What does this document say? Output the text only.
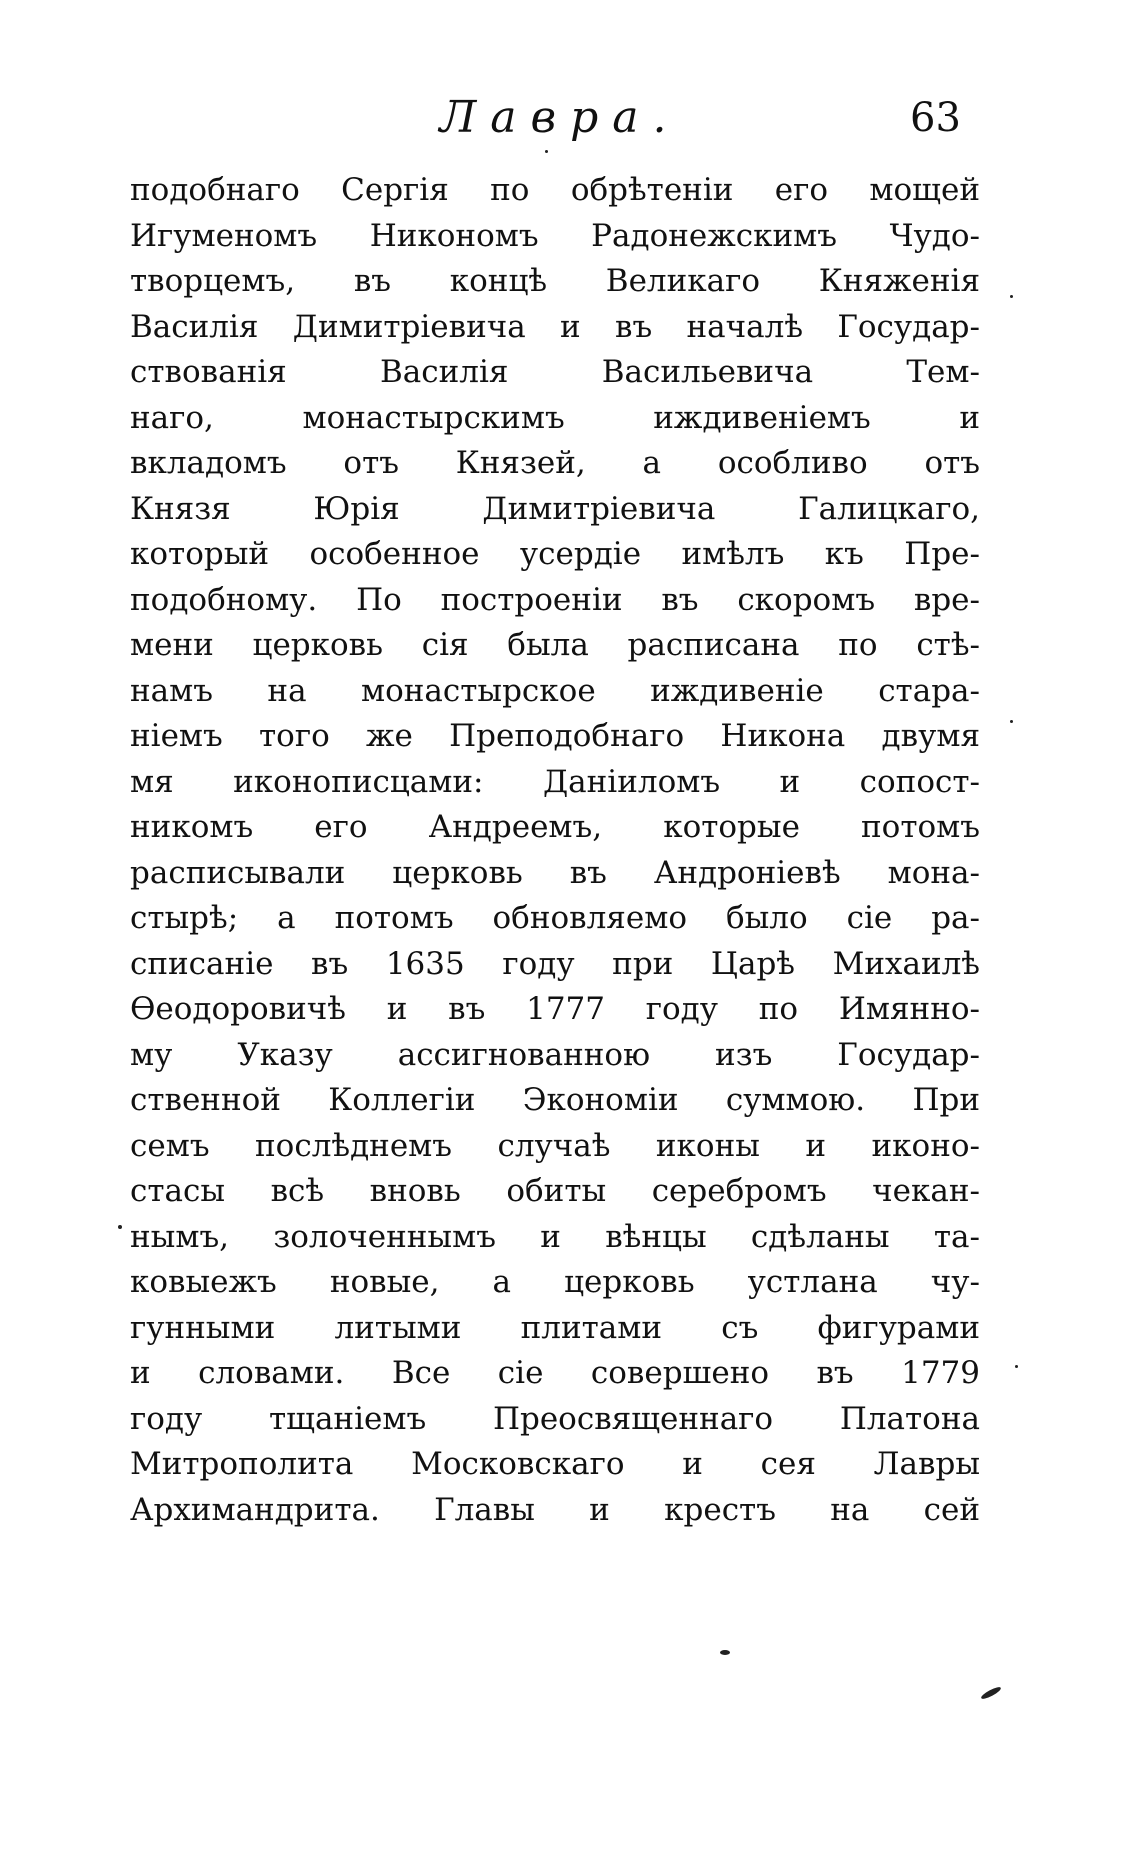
Лавра.	63
подобнаго Сергія по обрѣтеніи его мощей
Игуменомъ Никономъ Радонежскимъ Чудо-
творцемъ, въ концѣ Великаго Княженія
Василія Димитріевича и въ началѣ Государ-
ствованія Василія Васильевича Тем-
наго, монастырскимъ иждивеніемъ и
вкладомъ отъ Князей, а особливо отъ
Князя Юрія Димитріевича Галицкаго,
который особенное усердіе имѣлъ къ Пре-
подобному. По построеніи въ скоромъ вре-
мени церковь сія была расписана по стѣ-
намъ на монастырское иждивеніе стара-
ніемъ того же Преподобнаго Никона двумя
мя иконописцами: Даніиломъ и сопост-
никомъ его Андреемъ, которые потомъ
расписывали церковь въ Андроніевѣ мона-
стырѣ; а потомъ обновляемо было сіе ра-
списаніе въ 1635 году при Царѣ Михаилѣ
Ѳеодоровичѣ и въ 1777 году по Имянно-
му Указу ассигнованною изъ Государ-
ственной Коллегіи Экономіи суммою. При
семъ послѣднемъ случаѣ иконы и иконо-
стасы всѣ вновь обиты серебромъ чекан-
нымъ, золоченнымъ и вѣнцы сдѣланы та-
ковыежъ новые, а церковь устлана чу-
гунными литыми плитами съ фигурами
и словами. Все сіе совершено въ 1779
году тщаніемъ Преосвященнаго Платона
Митрополита Московскаго и сея Лавры
Архимандрита. Главы и крестъ на сей
